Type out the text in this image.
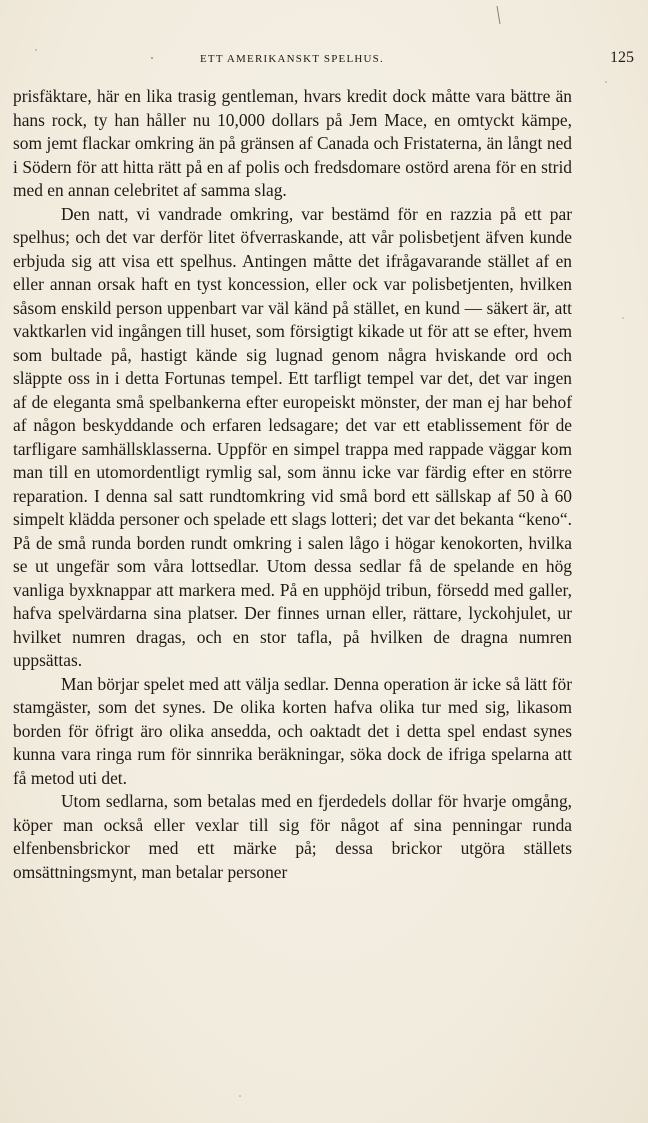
ETT AMERIKANSKT SPELHUS.	125

prisfäktare, här en lika trasig gentleman, hvars kredit dock måtte vara bättre än hans rock, ty han håller nu 10,000 dollars på Jem Mace, en omtyckt kämpe, som jemt flackar omkring än på gränsen af Canada och Fristaterna, än långt ned i Södern för att hitta rätt på en af polis och fredsdomare ostörd arena för en strid med en annan celebritet af samma slag.

Den natt, vi vandrade omkring, var bestämd för en razzia på ett par spelhus; och det var derför litet öfverraskande, att vår polisbetjent äfven kunde erbjuda sig att visa ett spelhus. Antingen måtte det ifrågavarande stället af en eller annan orsak haft en tyst koncession, eller ock var polisbetjenten, hvilken såsom enskild person uppenbart var väl känd på stället, en kund — säkert är, att vaktkarlen vid ingången till huset, som försigtigt kikade ut för att se efter, hvem som bultade på, hastigt kände sig lugnad genom några hviskande ord och släppte oss in i detta Fortunas tempel. Ett tarfligt tempel var det, det var ingen af de eleganta små spelbankerna efter europeiskt mönster, der man ej har behof af någon beskyddande och erfaren ledsagare; det var ett etablissement för de tarfligare samhällsklasserna. Uppför en simpel trappa med rappade väggar kom man till en utomordentligt rymlig sal, som ännu icke var färdig efter en större reparation. I denna sal satt rundtomkring vid små bord ett sällskap af 50 à 60 simpelt klädda personer och spelade ett slags lotteri; det var det bekanta “keno“. På de små runda borden rundt omkring i salen lågo i högar kenokorten, hvilka se ut ungefär som våra lottsedlar. Utom dessa sedlar få de spelande en hög vanliga byxknappar att markera med. På en upphöjd tribun, försedd med galler, hafva spelvärdarna sina platser. Der finnes urnan eller, rättare, lyckohjulet, ur hvilket numren dragas, och en stor tafla, på hvilken de dragna numren uppsättas.

Man börjar spelet med att välja sedlar. Denna operation är icke så lätt för stamgäster, som det synes. De olika korten hafva olika tur med sig, likasom borden för öfrigt äro olika ansedda, och oaktadt det i detta spel endast synes kunna vara ringa rum för sinnrika beräkningar, söka dock de ifriga spelarna att få metod uti det.

Utom sedlarna, som betalas med en fjerdedels dollar för hvarje omgång, köper man också eller vexlar till sig för något af sina penningar runda elfenbensbrickor med ett märke på; dessa brickor utgöra ställets omsättningsmynt, man betalar personer
